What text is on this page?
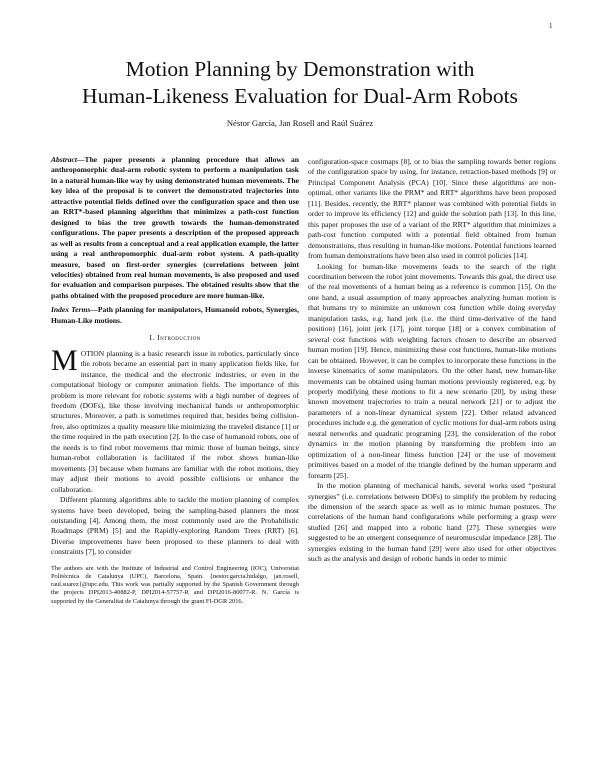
1
Motion Planning by Demonstration with
Human-Likeness Evaluation for Dual-Arm Robots
Néstor García, Jan Rosell and Raúl Suárez

Abstract—The paper presents a planning procedure that allows an anthropomorphic dual-arm robotic system to perform a manipulation task in a natural human-like way by using demonstrated human movements. The key idea of the proposal is to convert the demonstrated trajectories into attractive potential fields defined over the configuration space and then use an RRT*-based planning algorithm that minimizes a path-cost function designed to bias the tree growth towards the human-demonstrated configurations. The paper presents a description of the proposed approach as well as results from a conceptual and a real application example, the latter using a real anthropomorphic dual-arm robot system. A path-quality measure, based on first-order synergies (correlations between joint velocities) obtained from real human movements, is also proposed and used for evaluation and comparison purposes. The obtained results show that the paths obtained with the proposed procedure are more human-like.

Index Terms—Path planning for manipulators, Humanoid robots, Synergies, Human-Like motions.

I. Introduction

MOTION planning is a basic research issue in robotics, particularly since the robots became an essential part in many application fields like, for instance, the medical and the electronic industries, or even in the computational biology or computer animation fields. The importance of this problem is more relevant for robotic systems with a high number of degrees of freedom (DOFs), like those involving mechanical hands or anthropomorphic structures. Moreover, a path is sometimes required that, besides being collision-free, also optimizes a quality measure like minimizing the traveled distance [1] or the time required in the path execution [2]. In the case of humanoid robots, one of the needs is to find robot movements that mimic those of human beings, since human-robot collaboration is facilitated if the robot shows human-like movements [3] because when humans are familiar with the robot motions, they may adjust their motions to avoid possible collisions or enhance the collaboration.

Different planning algorithms able to tackle the motion planning of complex systems have been developed, being the sampling-based planners the most outstanding [4]. Among them, the most commonly used are the Probabilistic Roadmaps (PRM) [5] and the Rapidly-exploring Random Trees (RRT) [6]. Diverse improvements have been proposed to these planners to deal with constraints [7], to consider

The authors are with the Institute of Industrial and Control Engineering (IOC), Universitat Politècnica de Catalunya (UPC), Barcelona, Spain. {nestor.garcia.hidalgo, jan.rosell, raul.suarez}@upc.edu. This work was partially supported by the Spanish Government through the projects DPI2013-40882-P, DPI2014-57757-R and DPI2016-80077-R. N. García is supported by the Generalitat de Catalunya through the grant FI-DGR 2016.

configuration-space costmaps [8], or to bias the sampling towards better regions of the configuration space by using, for instance, retraction-based methods [9] or Principal Component Analysis (PCA) [10]. Since these algorithms are non-optimal, other variants like the PRM* and RRT* algorithms have been proposed [11]. Besides, recently, the RRT* planner was combined with potential fields in order to improve its efficiency [12] and guide the solution path [13]. In this line, this paper proposes the use of a variant of the RRT* algorithm that minimizes a path-cost function computed with a potential field obtained from human demonstrations, thus resulting in human-like motions. Potential functions learned from human demonstrations have been also used in control policies [14].

Looking for human-like movements leads to the search of the right coordination between the robot joint movements. Towards this goal, the direct use of the real movements of a human being as a reference is common [15]. On the one hand, a usual assumption of many approaches analyzing human motion is that humans try to minimize an unknown cost function while doing everyday manipulation tasks, e.g. hand jerk (i.e. the third time-derivative of the hand position) [16], joint jerk [17], joint torque [18] or a convex combination of several cost functions with weighting factors chosen to describe an observed human motion [19]. Hence, minimizing these cost functions, human-like motions can be obtained. However, it can be complex to incorporate these functions in the inverse kinematics of some manipulators. On the other hand, new human-like movements can be obtained using human motions previously registered, e.g. by properly modifying these motions to fit a new scenario [20], by using these known movement trajectories to train a neural network [21] or to adjust the parameters of a non-linear dynamical system [22]. Other related advanced procedures include e.g. the generation of cyclic motions for dual-arm robots using neural networks and quadratic programing [23], the consideration of the robot dynamics in the motion planning by transforming the problem into an optimization of a non-linear fitness function [24] or the use of movement primitives based on a model of the triangle defined by the human upperarm and forearm [25].

In the motion planning of mechanical hands, several works used “postural synergies” (i.e. correlations between DOFs) to simplify the problem by reducing the dimension of the search space as well as to mimic human postures. The correlations of the human hand configurations while performing a grasp were studied [26] and mapped into a robotic hand [27]. These synergies were suggested to be an emergent consequence of neuromuscular impedance [28]. The synergies existing in the human hand [29] were also used for other objectives such as the analysis and design of robotic hands in order to mimic
